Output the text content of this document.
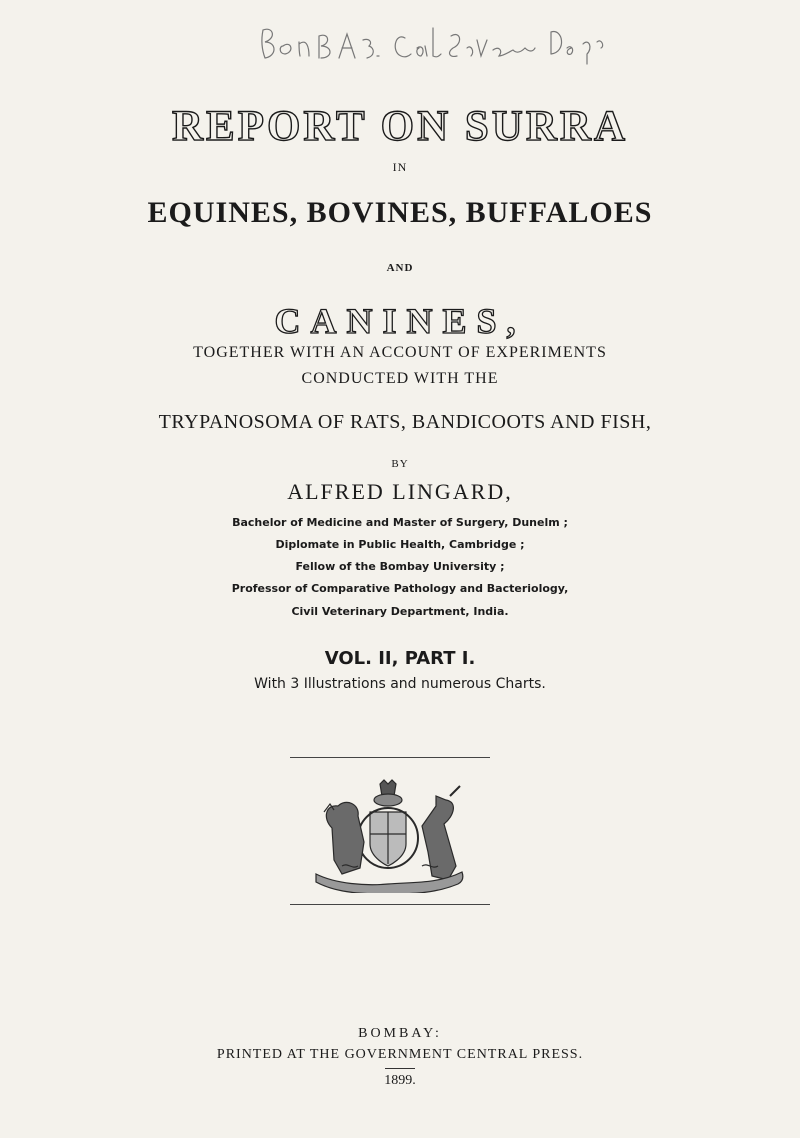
REPORT ON SURRA
IN
EQUINES, BOVINES, BUFFALOES
AND
CANINES,
TOGETHER WITH AN ACCOUNT OF EXPERIMENTS
CONDUCTED WITH THE
TRYPANOSOMA OF RATS, BANDICOOTS AND FISH,
BY
ALFRED LINGARD,
Bachelor of Medicine and Master of Surgery, Dunelm ;
Diplomate in Public Health, Cambridge ;
Fellow of the Bombay University ;
Professor of Comparative Pathology and Bacteriology,
Civil Veterinary Department, India.
VOL. II, PART I.
With 3 Illustrations and numerous Charts.
BOMBAY:
PRINTED AT THE GOVERNMENT CENTRAL PRESS.
1899.
